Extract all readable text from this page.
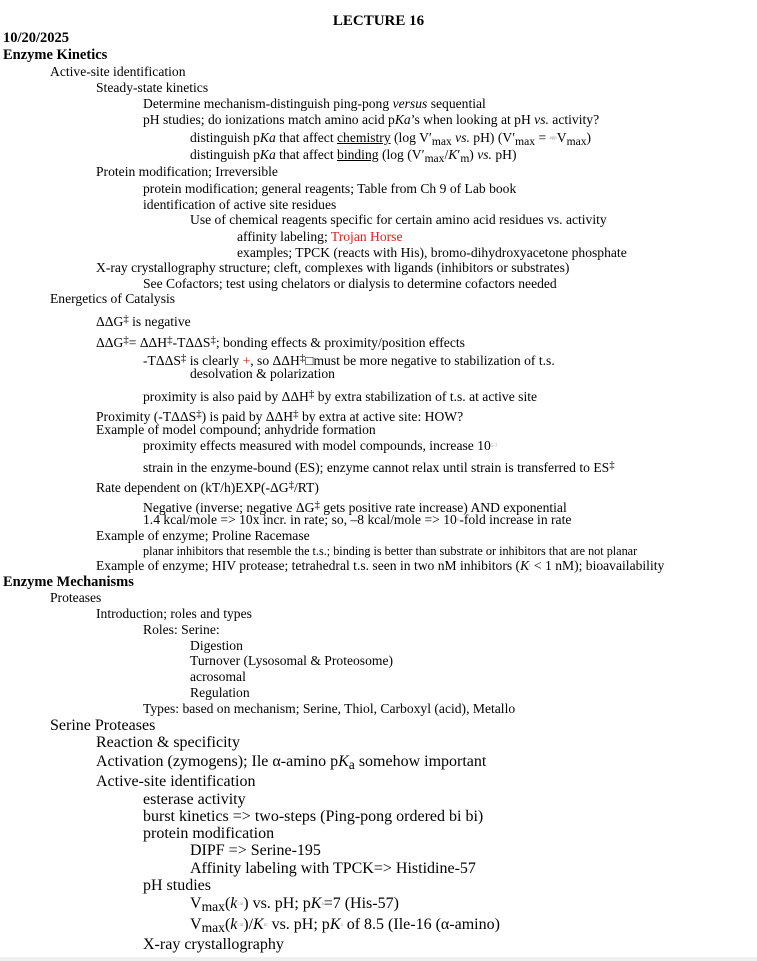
LECTURE 16
10/20/2025
Enzyme Kinetics
Active-site identification
Steady-state kinetics
Determine mechanism-distinguish ping-pong versus sequential
pH studies; do ionizations match amino acid pKa’s when looking at pH vs. activity?
distinguish pKa that affect chemistry (log V′max vs. pH) (V′max = $^{app}$Vmax)
distinguish pKa that affect binding (log (V′max/K′m) vs. pH)
Protein modification; Irreversible
protein modification; general reagents; Table from Ch 9 of Lab book
identification of active site residues
Use of chemical reagents specific for certain amino acid residues vs. activity
affinity labeling; Trojan Horse
examples; TPCK (reacts with His), bromo-dihydroxyacetone phosphate
X-ray crystallography structure; cleft, complexes with ligands (inhibitors or substrates)
See Cofactors; test using chelators or dialysis to determine cofactors needed
Energetics of Catalysis
ΔΔG‡ is negative
ΔΔG‡= ΔΔH‡-TΔΔS‡; bonding effects & proximity/position effects
-TΔΔS‡ is clearly +, so ΔΔH‡□must be more negative to stabilization of t.s.
desolvation & polarization
proximity is also paid by ΔΔH‡ by extra stabilization of t.s. at active site
Proximity (-TΔΔS‡) is paid by ΔΔH‡ by extra at active site: HOW?
Example of model compound; anhydride formation
proximity effects measured with model compounds, increase 10$^{5-7}$
strain in the enzyme-bound (ES); enzyme cannot relax until strain is transferred to ES‡
Rate dependent on (kT/h)EXP(-ΔG‡/RT)
Negative (inverse; negative ΔG‡ gets positive rate increase) AND exponential
1.4 kcal/mole => 10x incr. in rate; so, –8 kcal/mole => $10^6$-fold increase in rate
Example of enzyme; Proline Racemase
planar inhibitors that resemble the t.s.; binding is better than substrate or inhibitors that are not planar
Example of enzyme; HIV protease; tetrahedral t.s. seen in two nM inhibitors ($K^i < 1$ nM); bioavailability
Enzyme Mechanisms
Proteases
Introduction; roles and types
Roles: Serine:
Digestion
Turnover (Lysosomal & Proteosome)
acrosomal
Regulation
Types: based on mechanism; Serine, Thiol, Carboxyl (acid), Metallo
Serine Proteases
Reaction & specificity
Activation (zymogens); Ile α-amino $pK_a$ somehow important
Active-site identification
esterase activity
burst kinetics => two-steps (Ping-pong ordered bi bi)
protein modification
DIPF => Serine-195
Affinity labeling with TPCK=> Histidine-57
pH studies
$V_{max}(kcat)$ vs. pH; pKa=7 (His-57)
$V_{max}(kcat)/Km$ vs. pH; pKa of 8.5 (Ile-16 (α-amino)
X-ray crystallography
